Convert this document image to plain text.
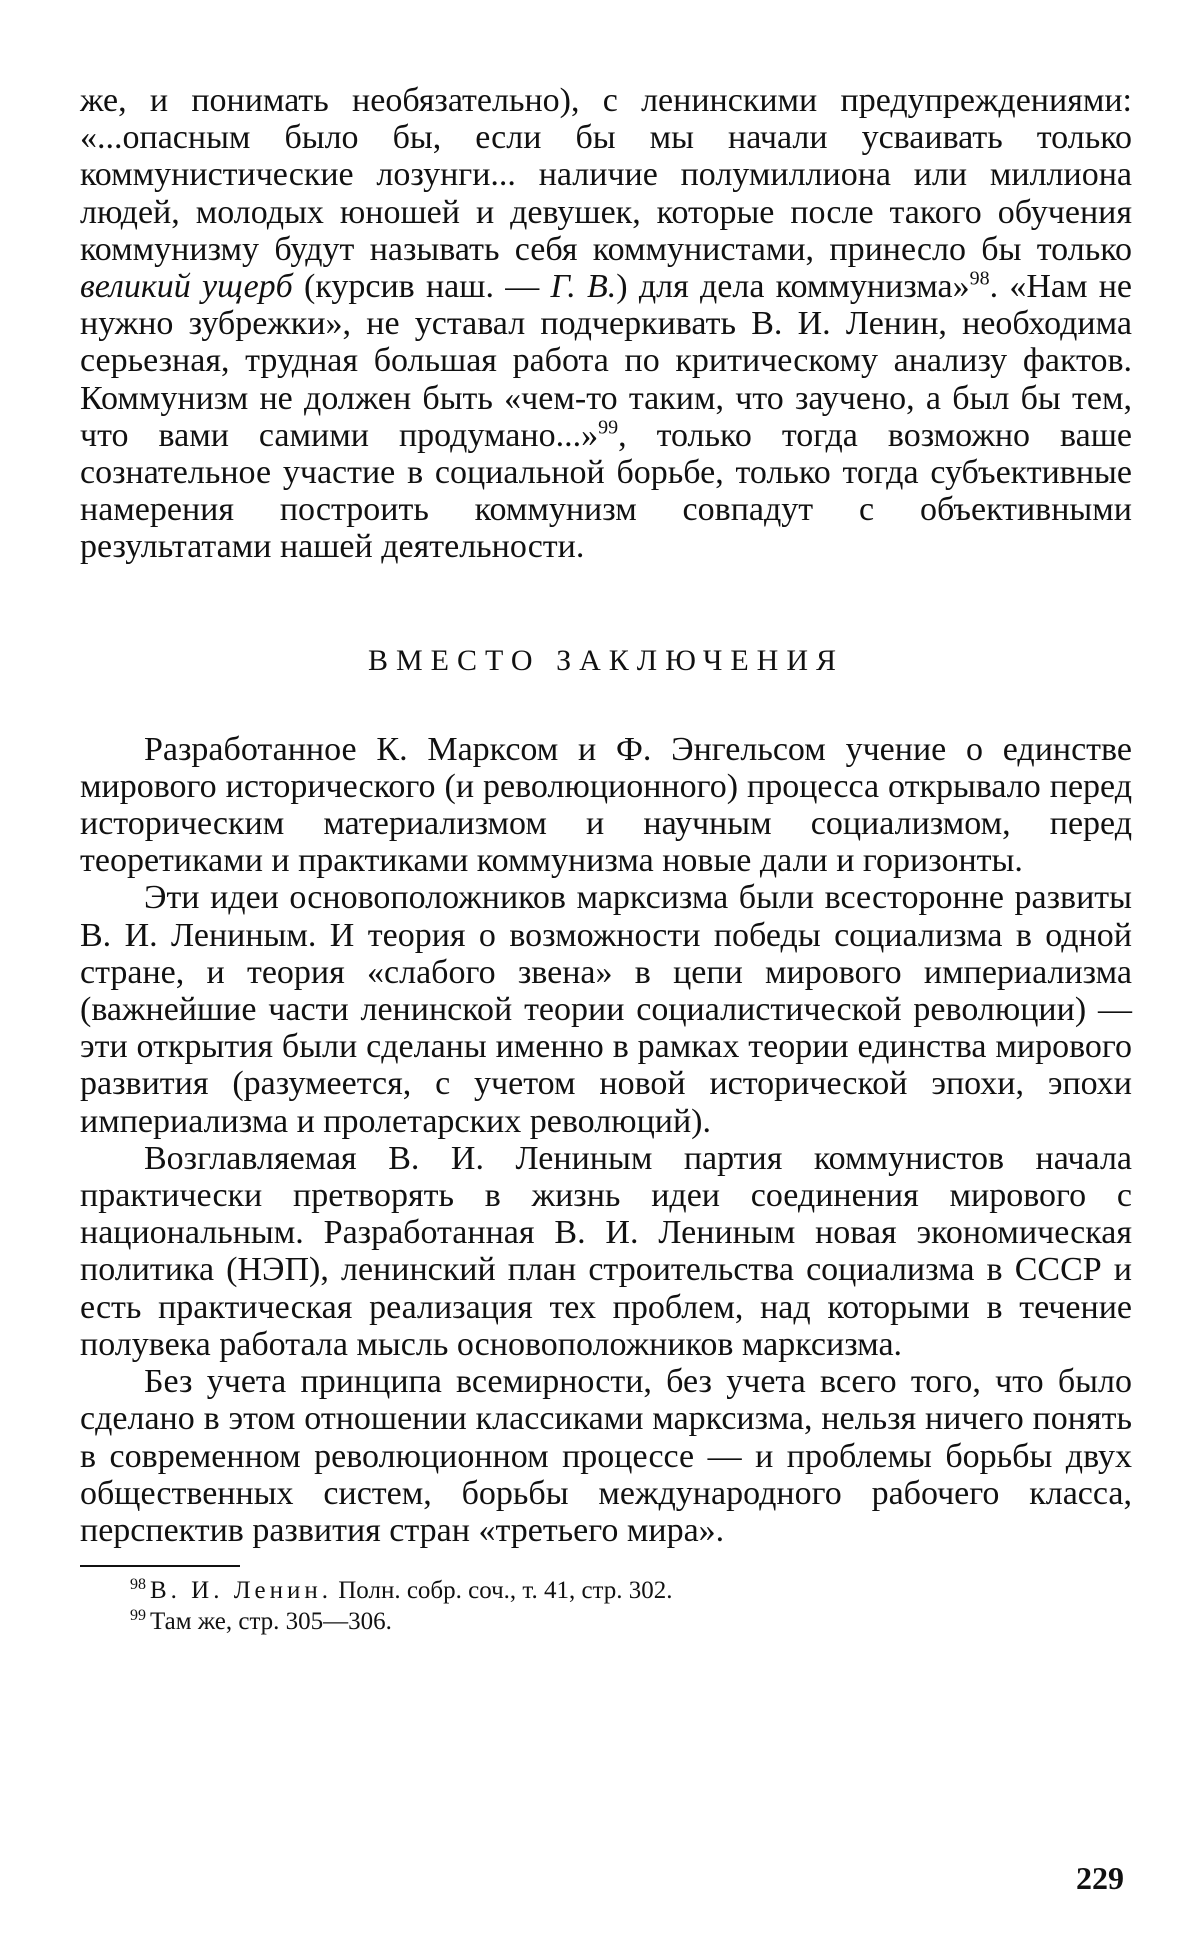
же, и понимать необязательно), с ленинскими предупреждениями: «...опасным было бы, если бы мы начали усваивать только коммунистические лозунги... наличие полумиллиона или миллиона людей, молодых юношей и девушек, которые после такого обучения коммунизму будут называть себя коммунистами, принесло бы только великий ущерб (курсив наш. — Г. В.) для дела коммунизма»$^{98}$. «Нам не нужно зубрежки», не уставал подчеркивать В. И. Ленин, необходима серьезная, трудная большая работа по критическому анализу фактов. Коммунизм не должен быть «чем-то таким, что заучено, а был бы тем, что вами самими продумано...»$^{99}$, только тогда возможно ваше сознательное участие в социальной борьбе, только тогда субъективные намерения построить коммунизм совпадут с объективными результатами нашей деятельности.

ВМЕСТО ЗАКЛЮЧЕНИЯ

Разработанное К. Марксом и Ф. Энгельсом учение о единстве мирового исторического (и революционного) процесса открывало перед историческим материализмом и научным социализмом, перед теоретиками и практиками коммунизма новые дали и горизонты.

Эти идеи основоположников марксизма были всесторонне развиты В. И. Лениным. И теория о возможности победы социализма в одной стране, и теория «слабого звена» в цепи мирового империализма (важнейшие части ленинской теории социалистической революции) — эти открытия были сделаны именно в рамках теории единства мирового развития (разумеется, с учетом новой исторической эпохи, эпохи империализма и пролетарских революций).

Возглавляемая В. И. Лениным партия коммунистов начала практически претворять в жизнь идеи соединения мирового с национальным. Разработанная В. И. Лениным новая экономическая политика (НЭП), ленинский план строительства социализма в СССР и есть практическая реализация тех проблем, над которыми в течение полувека работала мысль основоположников марксизма.

Без учета принципа всемирности, без учета всего того, что было сделано в этом отношении классиками марксизма, нельзя ничего понять в современном революционном процессе — и проблемы борьбы двух общественных систем, борьбы международного рабочего класса, перспектив развития стран «третьего мира».

$^{98}$ В. И. Ленин. Полн. собр. соч., т. 41, стр. 302.

$^{99}$ Там же, стр. 305—306.

229
